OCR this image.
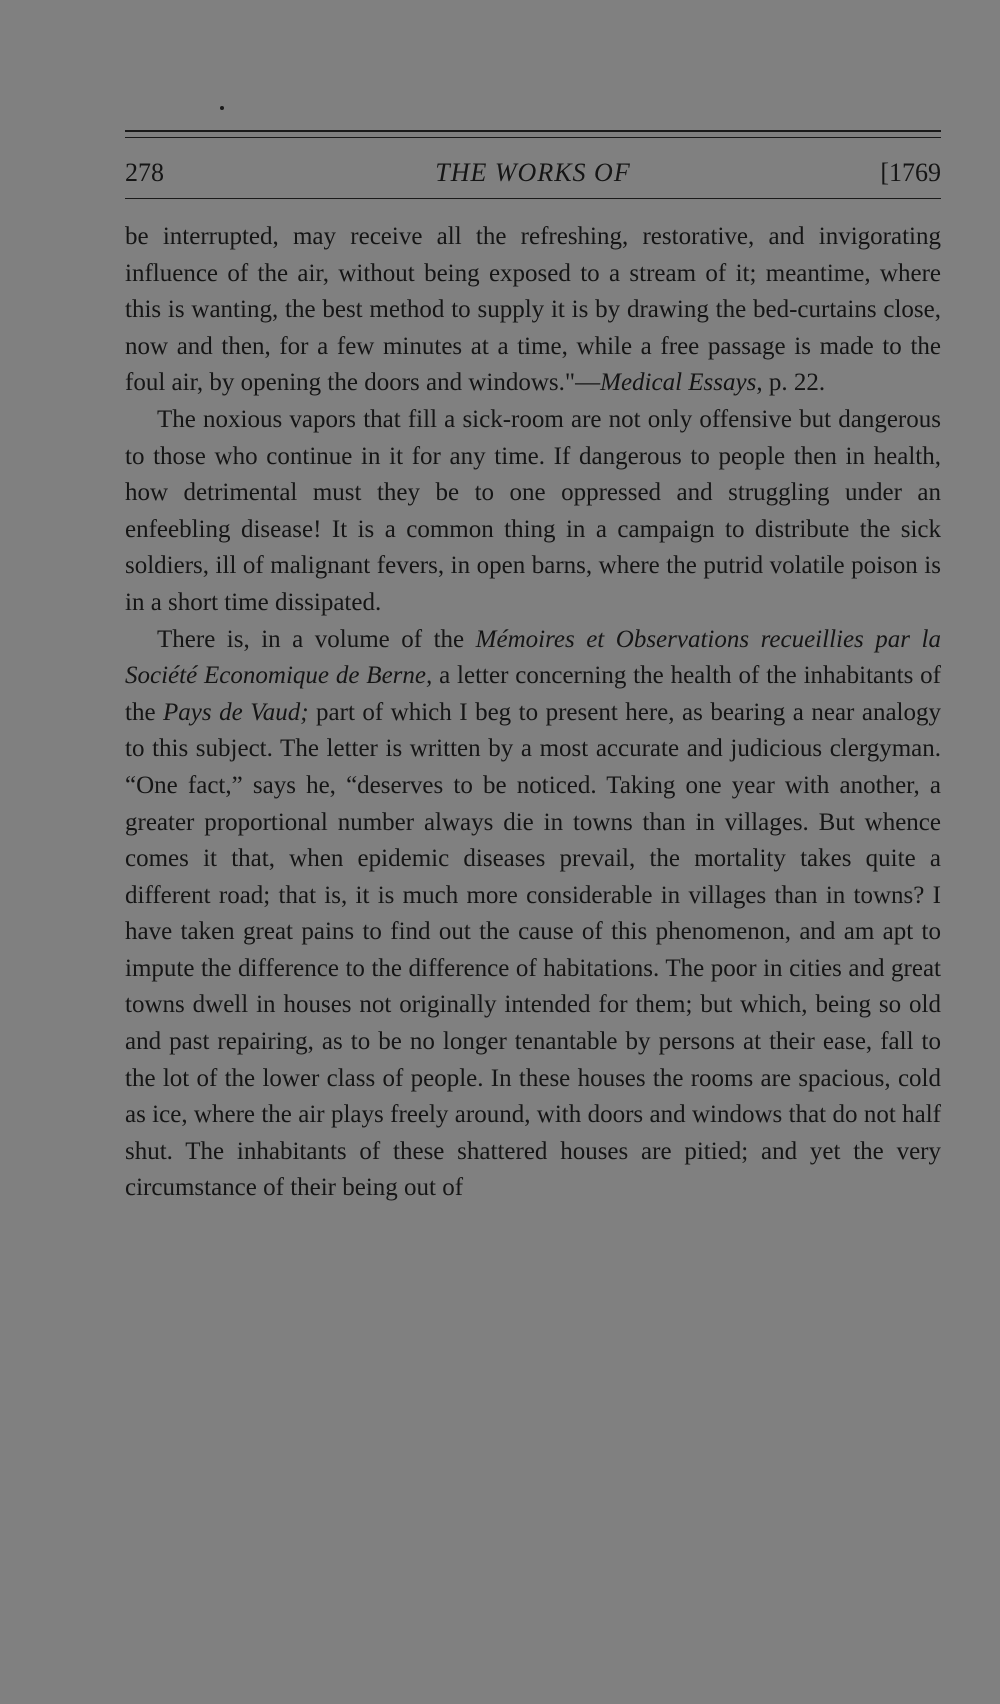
278	THE WORKS OF	[1769

be interrupted, may receive all the refreshing, restorative, and invigorating influence of the air, without being exposed to a stream of it; meantime, where this is wanting, the best method to supply it is by drawing the bed-curtains close, now and then, for a few minutes at a time, while a free passage is made to the foul air, by opening the doors and windows."—Medical Essays, p. 22.

The noxious vapors that fill a sick-room are not only offensive but dangerous to those who continue in it for any time. If dangerous to people then in health, how detrimental must they be to one oppressed and struggling under an enfeebling disease! It is a common thing in a campaign to distribute the sick soldiers, ill of malignant fevers, in open barns, where the putrid volatile poison is in a short time dissipated.

There is, in a volume of the Mémoires et Observations recueillies par la Société Economique de Berne, a letter concerning the health of the inhabitants of the Pays de Vaud; part of which I beg to present here, as bearing a near analogy to this subject. The letter is written by a most accurate and judicious clergyman. “One fact,” says he, “deserves to be noticed. Taking one year with another, a greater proportional number always die in towns than in villages. But whence comes it that, when epidemic diseases prevail, the mortality takes quite a different road; that is, it is much more considerable in villages than in towns? I have taken great pains to find out the cause of this phenomenon, and am apt to impute the difference to the difference of habitations. The poor in cities and great towns dwell in houses not originally intended for them; but which, being so old and past repairing, as to be no longer tenantable by persons at their ease, fall to the lot of the lower class of people. In these houses the rooms are spacious, cold as ice, where the air plays freely around, with doors and windows that do not half shut. The inhabitants of these shattered houses are pitied; and yet the very circumstance of their being out of
